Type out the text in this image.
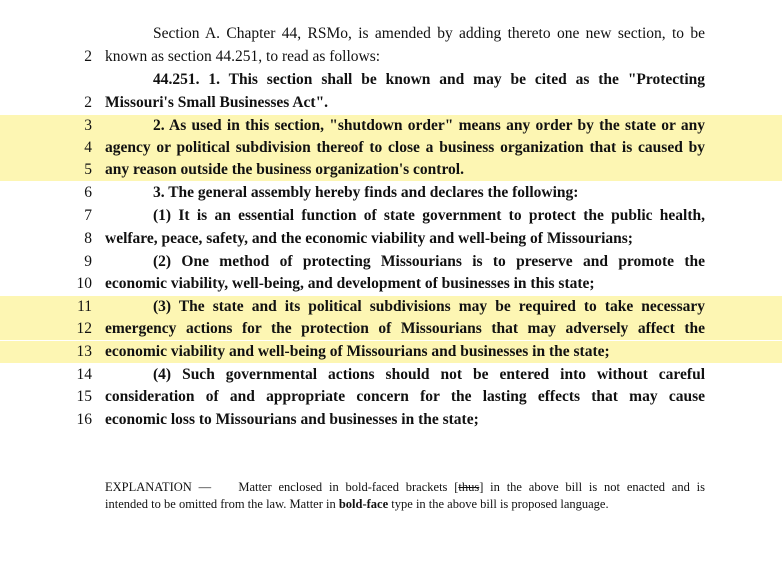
Section A. Chapter 44, RSMo, is amended by adding thereto one new section, to be
2 known as section 44.251, to read as follows:
44.251. 1. This section shall be known and may be cited as the "Protecting
2 Missouri's Small Businesses Act".
3	2. As used in this section, "shutdown order" means any order by the state or any
4 agency or political subdivision thereof to close a business organization that is caused by
5 any reason outside the business organization's control.
6	3. The general assembly hereby finds and declares the following:
7	(1) It is an essential function of state government to protect the public health,
8 welfare, peace, safety, and the economic viability and well-being of Missourians;
9	(2) One method of protecting Missourians is to preserve and promote the
10 economic viability, well-being, and development of businesses in this state;
11	(3) The state and its political subdivisions may be required to take necessary
12 emergency actions for the protection of Missourians that may adversely affect the
13 economic viability and well-being of Missourians and businesses in the state;
14	(4) Such governmental actions should not be entered into without careful
15 consideration of and appropriate concern for the lasting effects that may cause
16 economic loss to Missourians and businesses in the state;
EXPLANATION — Matter enclosed in bold-faced brackets [thus] in the above bill is not enacted and is
intended to be omitted from the law. Matter in bold-face type in the above bill is proposed language.
